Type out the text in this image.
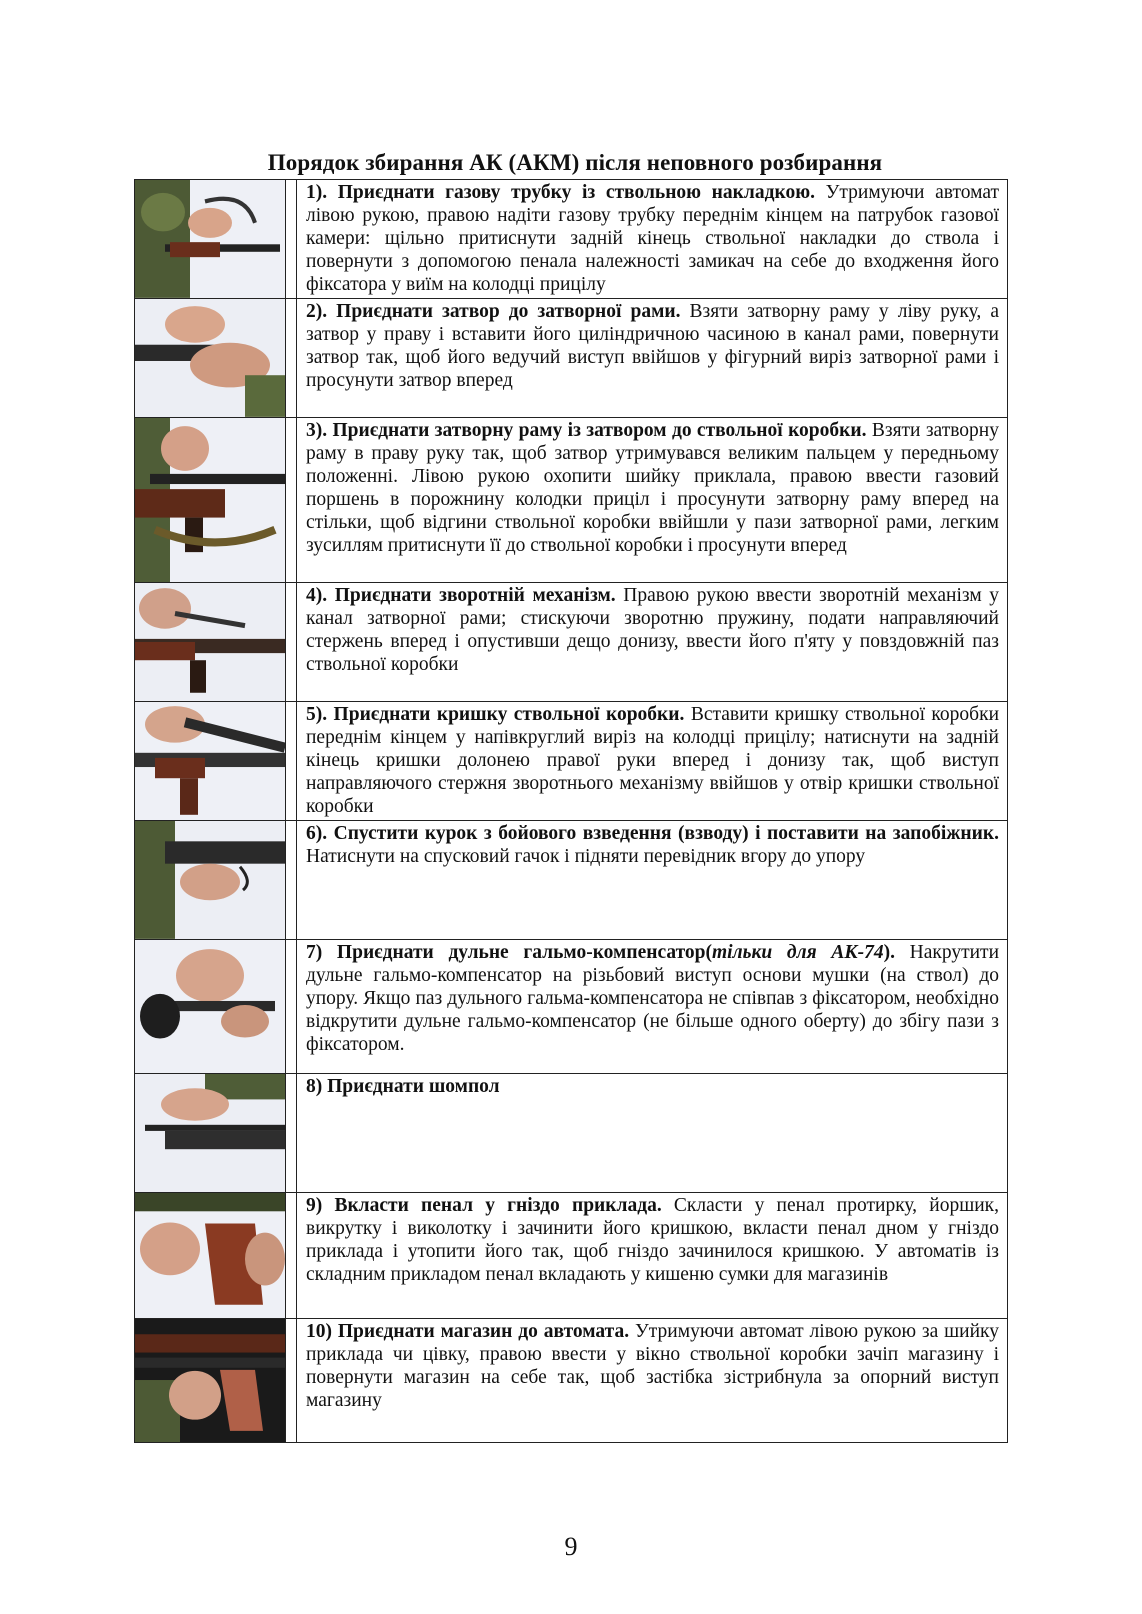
Порядок збирання АК (АКМ) після неповного розбирання

1). Приєднати газову трубку із ствольною накладкою. Утримуючи автомат лівою рукою, правою надіти газову трубку переднім кінцем на патрубок газової камери: щільно притиснути задній кінець ствольної накладки до ствола і повернути з допомогою пенала належності замикач на себе до входження його фіксатора у виїм на колодці прицілу

2). Приєднати затвор до затворної рами. Взяти затворну раму у ліву руку, а затвор у праву і вставити його циліндричною часиною в канал рами, повернути затвор так, щоб його ведучий виступ ввійшов у фігурний виріз затворної рами і просунути затвор вперед

3). Приєднати затворну раму із затвором до ствольної коробки. Взяти затворну раму в праву руку так, щоб затвор утримувався великим пальцем у передньому положенні. Лівою рукою охопити шийку приклала, правою ввести газовий поршень в порожнину колодки приціл і просунути затворну раму вперед на стільки, щоб відгини ствольної коробки ввійшли у пази затворної рами, легким зусиллям притиснути її до ствольної коробки і просунути вперед

4). Приєднати зворотній механізм. Правою рукою ввести зворотній механізм у канал затворної рами; стискуючи зворотню пружину, подати направляючий стержень вперед і опустивши дещо донизу, ввести його п'яту у повздовжній паз ствольної коробки

5). Приєднати кришку ствольної коробки. Вставити кришку ствольної коробки переднім кінцем у напівкруглий виріз на колодці прицілу; натиснути на задній кінець кришки долонею правої руки вперед і донизу так, щоб виступ направляючого стержня зворотнього механізму ввійшов у отвір кришки ствольної коробки

6). Спустити курок з бойового взведення (взводу) і поставити на запобіжник. Натиснути на спусковий гачок і підняти перевідник вгору до упору

7) Приєднати дульне гальмо-компенсатор(тільки для АК-74). Накрутити дульне гальмо-компенсатор на різьбовий виступ основи мушки (на ствол) до упору. Якщо паз дульного гальма-компенсатора не співпав з фіксатором, необхідно відкрутити дульне гальмо-компенсатор (не більше одного оберту) до збігу пази з фіксатором.

8) Приєднати шомпол

9) Вкласти пенал у гніздо приклада. Скласти у пенал протирку, йоршик, викрутку і виколотку і зачинити його кришкою, вкласти пенал дном у гніздо приклада і утопити його так, щоб гніздо зачинилося кришкою. У автоматів із складним прикладом пенал вкладають у кишеню сумки для магазинів

10) Приєднати магазин до автомата. Утримуючи автомат лівою рукою за шийку приклада чи цівку, правою ввести у вікно ствольної коробки зачіп магазину і повернути магазин на себе так, щоб застібка зістрибнула за опорний виступ магазину
9
